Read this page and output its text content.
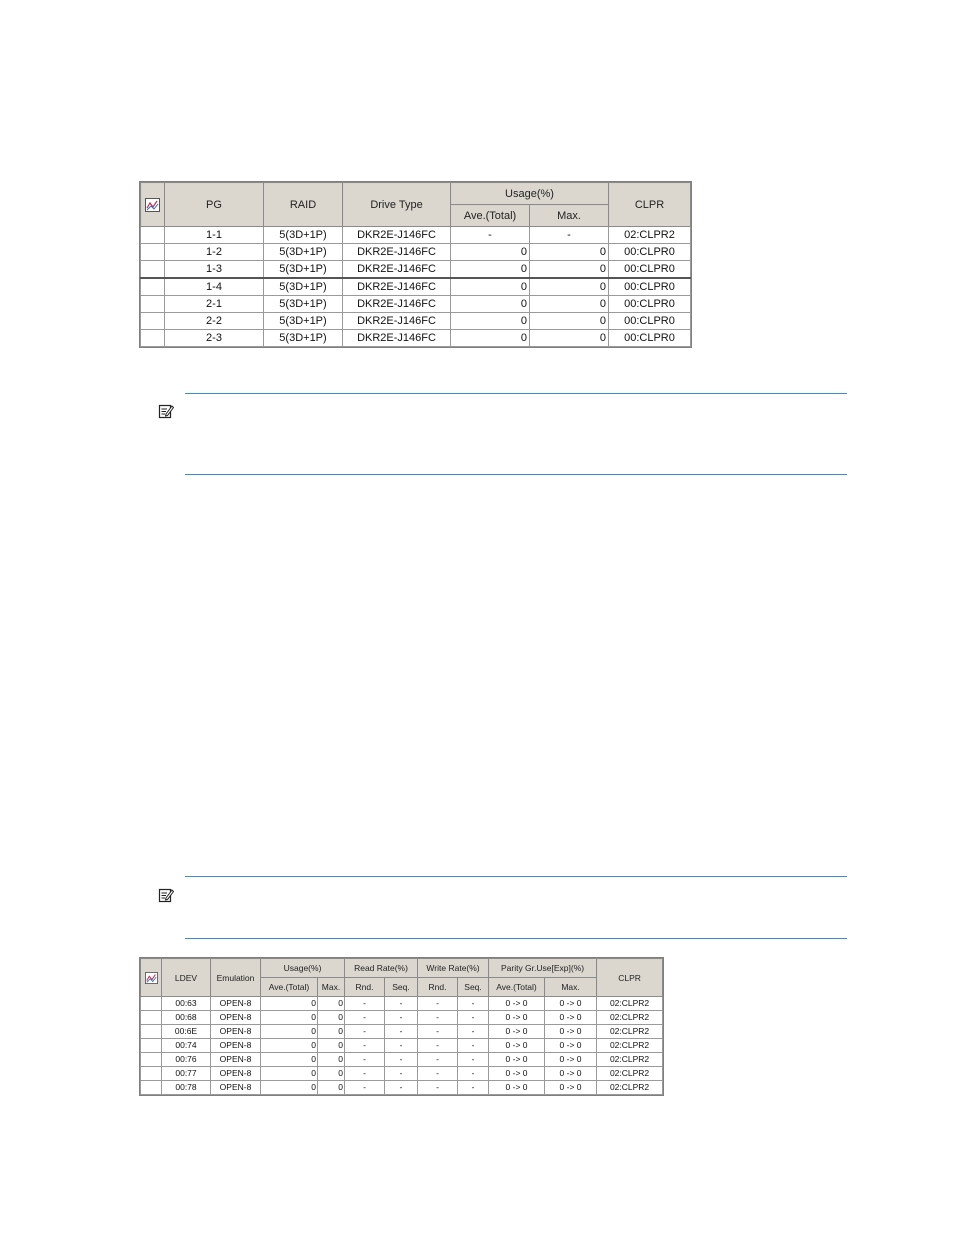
	PG	RAID	Drive Type	Usage(%)		CLPR
				Ave.(Total)	Max.	
	1-1	5(3D+1P)	DKR2E-J146FC	-	-	02:CLPR2
	1-2	5(3D+1P)	DKR2E-J146FC	0	0	00:CLPR0
	1-3	5(3D+1P)	DKR2E-J146FC	0	0	00:CLPR0
	1-4	5(3D+1P)	DKR2E-J146FC	0	0	00:CLPR0
	2-1	5(3D+1P)	DKR2E-J146FC	0	0	00:CLPR0
	2-2	5(3D+1P)	DKR2E-J146FC	0	0	00:CLPR0
	2-3	5(3D+1P)	DKR2E-J146FC	0	0	00:CLPR0
	LDEV	Emulation	Usage(%)		Read Rate(%)		Write Rate(%)		Parity Gr.Use[Exp](%)		CLPR
			Ave.(Total)	Max.	Rnd.	Seq.	Rnd.	Seq.	Ave.(Total)	Max.	
	00:63	OPEN-8	0	0	-	-	-	-	0 -> 0	0 -> 0	02:CLPR2
	00:68	OPEN-8	0	0	-	-	-	-	0 -> 0	0 -> 0	02:CLPR2
	00:6E	OPEN-8	0	0	-	-	-	-	0 -> 0	0 -> 0	02:CLPR2
	00:74	OPEN-8	0	0	-	-	-	-	0 -> 0	0 -> 0	02:CLPR2
	00:76	OPEN-8	0	0	-	-	-	-	0 -> 0	0 -> 0	02:CLPR2
	00:77	OPEN-8	0	0	-	-	-	-	0 -> 0	0 -> 0	02:CLPR2
	00:78	OPEN-8	0	0	-	-	-	-	0 -> 0	0 -> 0	02:CLPR2
